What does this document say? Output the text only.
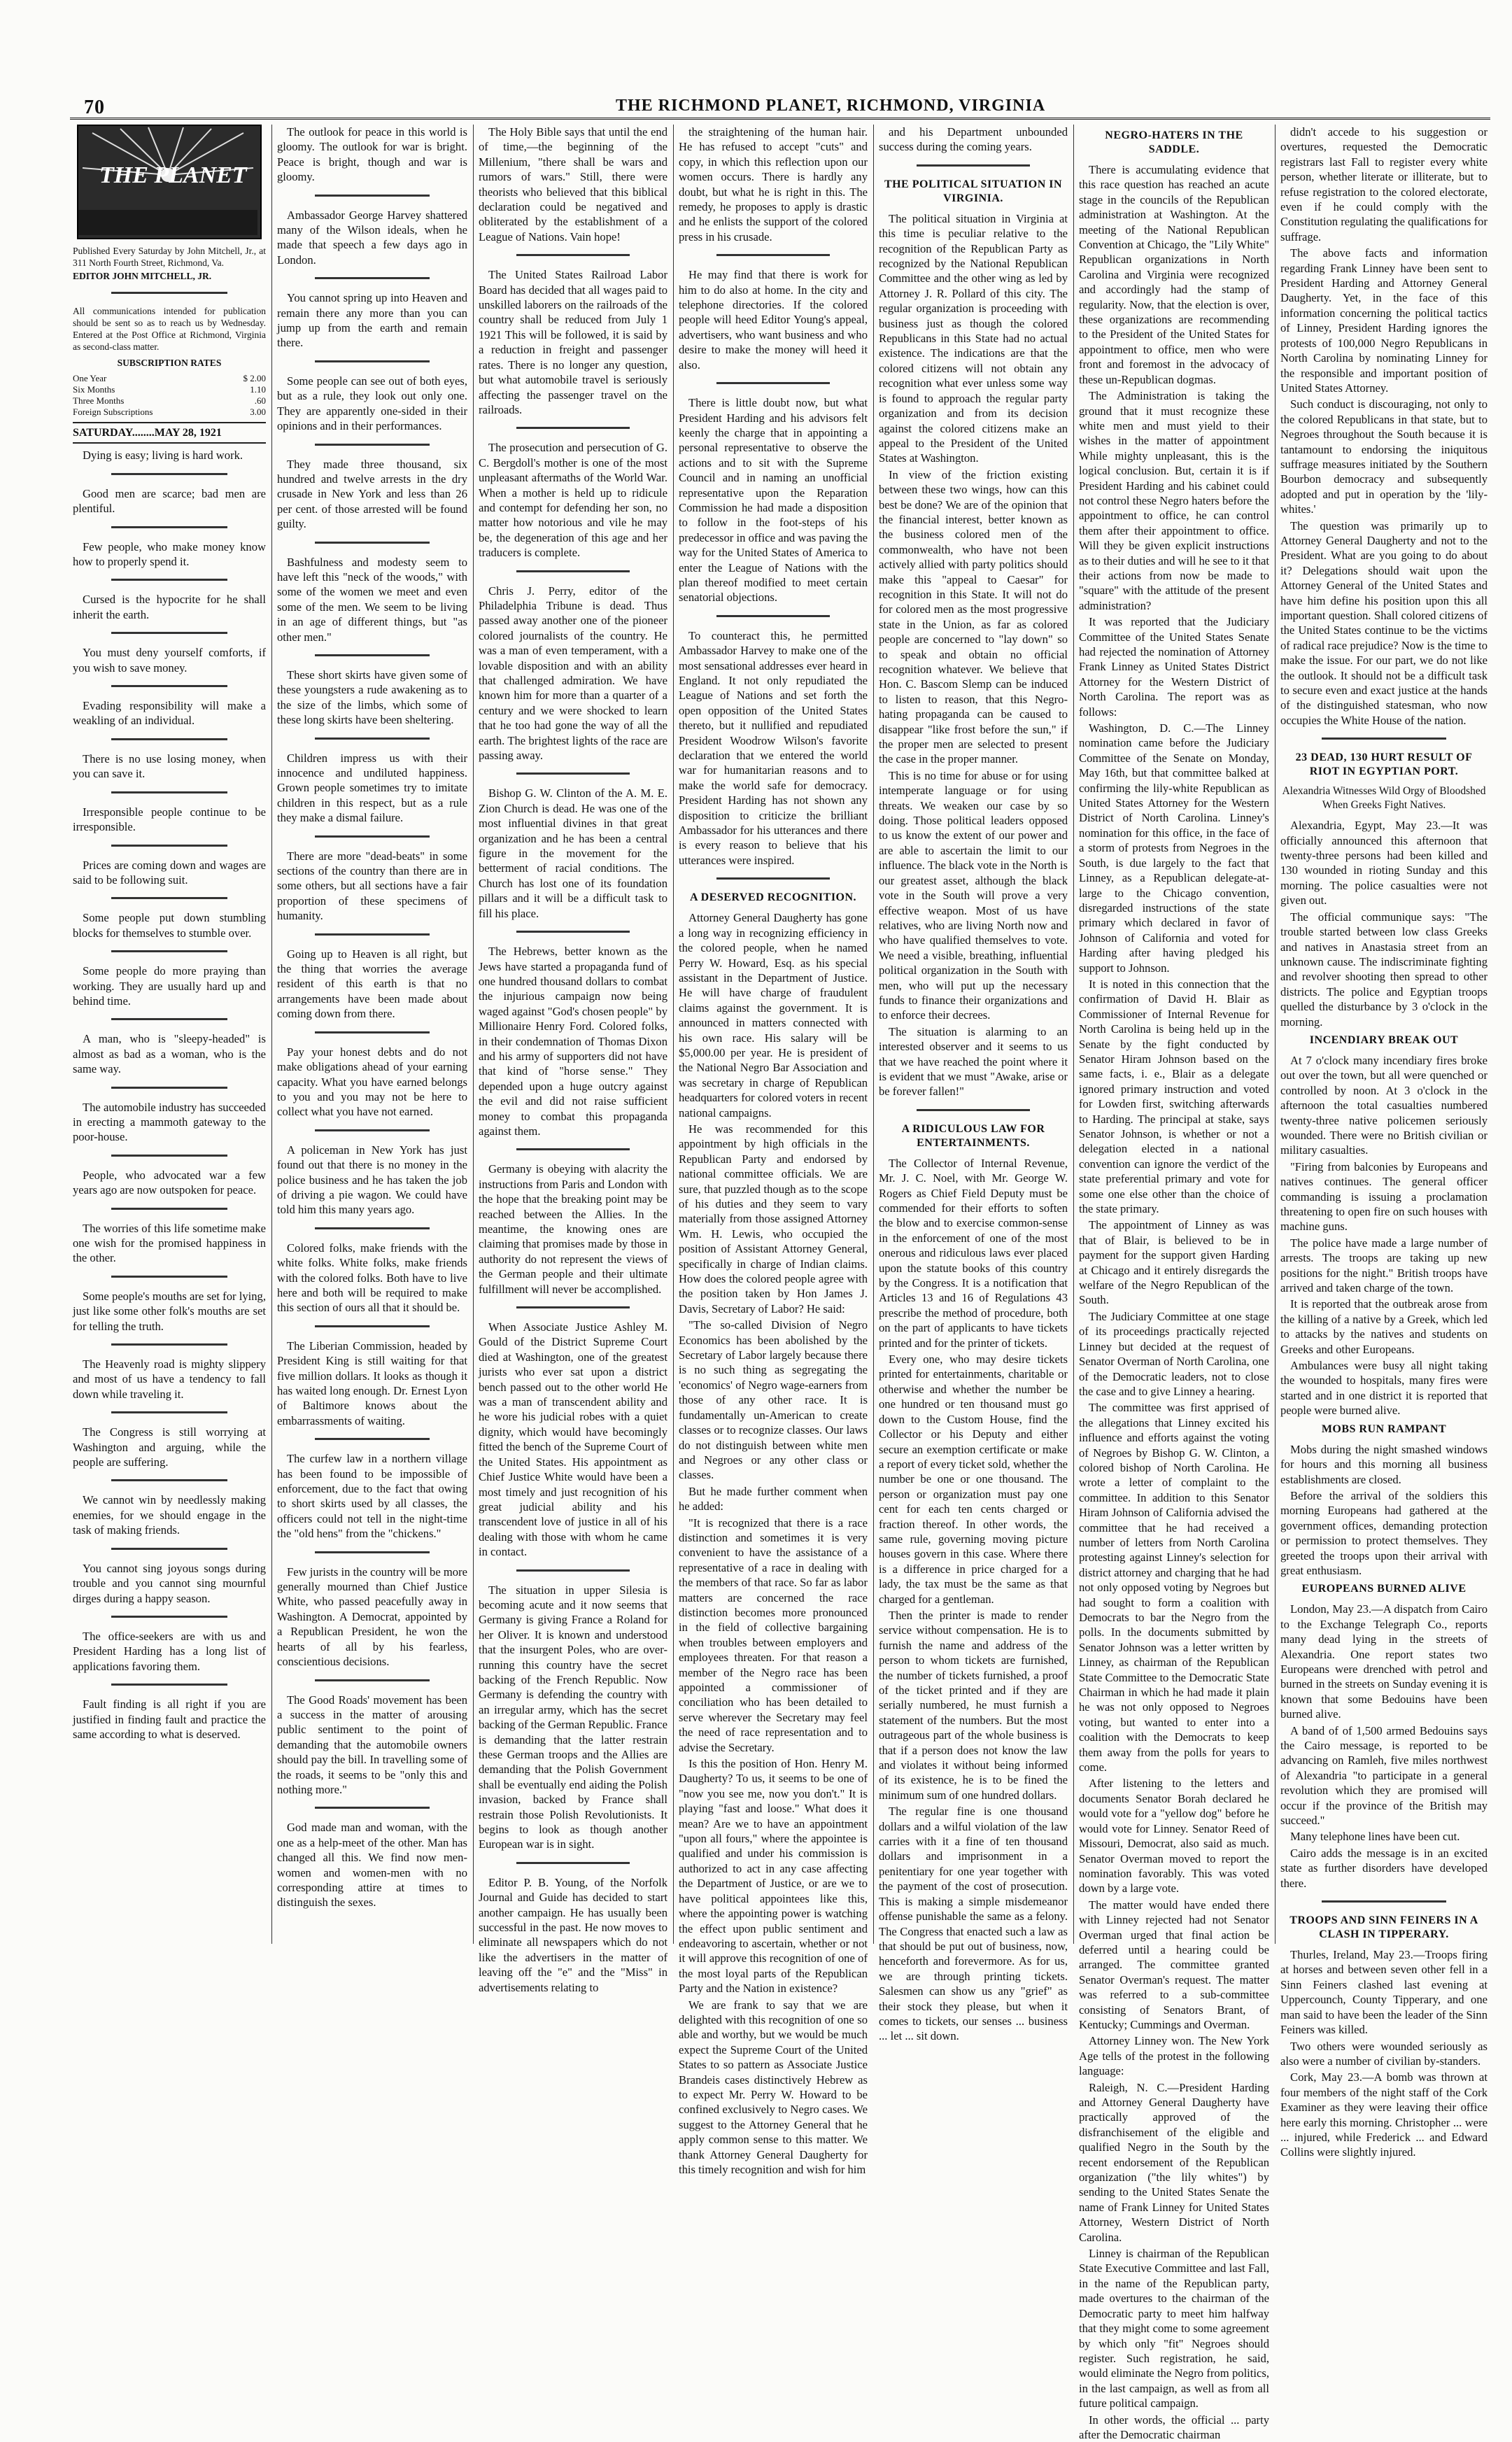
70	THE RICHMOND PLANET, RICHMOND, VIRGINIA
THE PLANET

Published Every Saturday by John Mitchell, Jr., at 311 North Fourth Street, Richmond, Va.

EDITOR JOHN MITCHELL, JR.

All communications intended for publication should be sent so as to reach us by Wednesday. Entered at the Post Office at Richmond, Virginia as second-class matter.

SUBSCRIPTION RATES
One Year	$ 2.00
Six Months	1.10
Three Months	.60
Foreign Subscriptions	3.00
SATURDAY........MAY 28, 1921

Dying is easy; living is hard work.

Good men are scarce; bad men are plentiful.

Few people, who make money know how to properly spend it.

Cursed is the hypocrite for he shall inherit the earth.

You must deny yourself comforts, if you wish to save money.

Evading responsibility will make a weakling of an individual.

There is no use losing money, when you can save it.

Irresponsible people continue to be irresponsible.

Prices are coming down and wages are said to be following suit.

Some people put down stumbling blocks for themselves to stumble over.

Some people do more praying than working. They are usually hard up and behind time.

A man, who is "sleepy-headed" is almost as bad as a woman, who is the same way.

The automobile industry has succeeded in erecting a mammoth gateway to the poor-house.

People, who advocated war a few years ago are now outspoken for peace.

The worries of this life sometime make one wish for the promised happiness in the other.

Some people's mouths are set for lying, just like some other folk's mouths are set for telling the truth.

The Heavenly road is mighty slippery and most of us have a tendency to fall down while traveling it.

The Congress is still worrying at Washington and arguing, while the people are suffering.

We cannot win by needlessly making enemies, for we should engage in the task of making friends.

You cannot sing joyous songs during trouble and you cannot sing mournful dirges during a happy season.

The office-seekers are with us and President Harding has a long list of applications favoring them.

Fault finding is all right if you are justified in finding fault and practice the same according to what is deserved.

The outlook for peace in this world is gloomy. The outlook for war is bright. Peace is bright, though and war is gloomy.

Ambassador George Harvey shattered many of the Wilson ideals, when he made that speech a few days ago in London.

You cannot spring up into Heaven and remain there any more than you can jump up from the earth and remain there.

Some people can see out of both eyes, but as a rule, they look out only one. They are apparently one-sided in their opinions and in their performances.

They made three thousand, six hundred and twelve arrests in the dry crusade in New York and less than 26 per cent. of those arrested will be found guilty.

Bashfulness and modesty seem to have left this "neck of the woods," with some of the women we meet and even some of the men. We seem to be living in an age of different things, but "as other men."

These short skirts have given some of these youngsters a rude awakening as to the size of the limbs, which some of these long skirts have been sheltering.

Children impress us with their innocence and undiluted happiness. Grown people sometimes try to imitate children in this respect, but as a rule they make a dismal failure.

There are more "dead-beats" in some sections of the country than there are in some others, but all sections have a fair proportion of these specimens of humanity.

Going up to Heaven is all right, but the thing that worries the average resident of this earth is that no arrangements have been made about coming down from there.

Pay your honest debts and do not make obligations ahead of your earning capacity. What you have earned belongs to you and you may not be here to collect what you have not earned.

A policeman in New York has just found out that there is no money in the police business and he has taken the job of driving a pie wagon. We could have told him this many years ago.

Colored folks, make friends with the white folks. White folks, make friends with the colored folks. Both have to live here and both will be required to make this section of ours all that it should be.

The Liberian Commission, headed by President King is still waiting for that five million dollars. It looks as though it has waited long enough. Dr. Ernest Lyon of Baltimore knows about the embarrassments of waiting.

The curfew law in a northern village has been found to be impossible of enforcement, due to the fact that owing to short skirts used by all classes, the officers could not tell in the night-time the "old hens" from the "chickens."

Few jurists in the country will be more generally mourned than Chief Justice White, who passed peacefully away in Washington. A Democrat, appointed by a Republican President, he won the hearts of all by his fearless, conscientious decisions.

The Good Roads' movement has been a success in the matter of arousing public sentiment to the point of demanding that the automobile owners should pay the bill. In travelling some of the roads, it seems to be "only this and nothing more."

God made man and woman, with the one as a help-meet of the other. Man has changed all this. We find now men-women and women-men with no corresponding attire at times to distinguish the sexes.

The Holy Bible says that until the end of time,—the beginning of the Millenium, "there shall be wars and rumors of wars." Still, there were theorists who believed that this biblical declaration could be negatived and obliterated by the establishment of a League of Nations. Vain hope!

The United States Railroad Labor Board has decided that all wages paid to unskilled laborers on the railroads of the country shall be reduced from July 1 1921 This will be followed, it is said by a reduction in freight and passenger rates. There is no longer any question, but what automobile travel is seriously affecting the passenger travel on the railroads.

The prosecution and persecution of G. C. Bergdoll's mother is one of the most unpleasant aftermaths of the World War. When a mother is held up to ridicule and contempt for defending her son, no matter how notorious and vile he may be, the degeneration of this age and her traducers is complete.

Chris J. Perry, editor of the Philadelphia Tribune is dead. Thus passed away another one of the pioneer colored journalists of the country. He was a man of even temperament, with a lovable disposition and with an ability that challenged admiration. We have known him for more than a quarter of a century and we were shocked to learn that he too had gone the way of all the earth. The brightest lights of the race are passing away.

Bishop G. W. Clinton of the A. M. E. Zion Church is dead. He was one of the most influential divines in that great organization and he has been a central figure in the movement for the betterment of racial conditions. The Church has lost one of its foundation pillars and it will be a difficult task to fill his place.

The Hebrews, better known as the Jews have started a propaganda fund of one hundred thousand dollars to combat the injurious campaign now being waged against "God's chosen people" by Millionaire Henry Ford. Colored folks, in their condemnation of Thomas Dixon and his army of supporters did not have that kind of "horse sense." They depended upon a huge outcry against the evil and did not raise sufficient money to combat this propaganda against them.

Germany is obeying with alacrity the instructions from Paris and London with the hope that the breaking point may be reached between the Allies. In the meantime, the knowing ones are claiming that promises made by those in authority do not represent the views of the German people and their ultimate fulfillment will never be accomplished.

When Associate Justice Ashley M. Gould of the District Supreme Court died at Washington, one of the greatest jurists who ever sat upon a district bench passed out to the other world He was a man of transcendent ability and he wore his judicial robes with a quiet dignity, which would have becomingly fitted the bench of the Supreme Court of the United States. His appointment as Chief Justice White would have been a most timely and just recognition of his great judicial ability and his transcendent love of justice in all of his dealing with those with whom he came in contact.

The situation in upper Silesia is becoming acute and it now seems that Germany is giving France a Roland for her Oliver. It is known and understood that the insurgent Poles, who are over-running this country have the secret backing of the French Republic. Now Germany is defending the country with an irregular army, which has the secret backing of the German Republic. France is demanding that the latter restrain these German troops and the Allies are demanding that the Polish Government shall be eventually end aiding the Polish invasion, backed by France shall restrain those Polish Revolutionists. It begins to look as though another European war is in sight.

Editor P. B. Young, of the Norfolk Journal and Guide has decided to start another campaign. He has usually been successful in the past. He now moves to eliminate all newspapers which do not like the advertisers in the matter of leaving off the "e" and the "Miss" in advertisements relating to

the straightening of the human hair. He has refused to accept "cuts" and copy, in which this reflection upon our women occurs. There is hardly any doubt, but what he is right in this. The remedy, he proposes to apply is drastic and he enlists the support of the colored press in his crusade.

He may find that there is work for him to do also at home. In the city and telephone directories. If the colored people will heed Editor Young's appeal, advertisers, who want business and who desire to make the money will heed it also.

There is little doubt now, but what President Harding and his advisors felt keenly the charge that in appointing a personal representative to observe the actions and to sit with the Supreme Council and in naming an unofficial representative upon the Reparation Commission he had made a disposition to follow in the foot-steps of his predecessor in office and was paving the way for the United States of America to enter the League of Nations with the plan thereof modified to meet certain senatorial objections.

To counteract this, he permitted Ambassador Harvey to make one of the most sensational addresses ever heard in England. It not only repudiated the League of Nations and set forth the open opposition of the United States thereto, but it nullified and repudiated President Woodrow Wilson's favorite declaration that we entered the world war for humanitarian reasons and to make the world safe for democracy. President Harding has not shown any disposition to criticize the brilliant Ambassador for his utterances and there is every reason to believe that his utterances were inspired.

A DESERVED RECOGNITION.

Attorney General Daugherty has gone a long way in recognizing efficiency in the colored people, when he named Perry W. Howard, Esq. as his special assistant in the Department of Justice. He will have charge of fraudulent claims against the government. It is announced in matters connected with his own race. His salary will be $5,000.00 per year. He is president of the National Negro Bar Association and was secretary in charge of Republican headquarters for colored voters in recent national campaigns.

He was recommended for this appointment by high officials in the Republican Party and endorsed by national committee officials. We are sure, that puzzled though as to the scope of his duties and they seem to vary materially from those assigned Attorney Wm. H. Lewis, who occupied the position of Assistant Attorney General, specifically in charge of Indian claims. How does the colored people agree with the position taken by Hon James J. Davis, Secretary of Labor? He said:

"The so-called Division of Negro Economics has been abolished by the Secretary of Labor largely because there is no such thing as segregating the 'economics' of Negro wage-earners from those of any other race. It is fundamentally un-American to create classes or to recognize classes. Our laws do not distinguish between white men and Negroes or any other class or classes.

But he made further comment when he added:

"It is recognized that there is a race distinction and sometimes it is very convenient to have the assistance of a representative of a race in dealing with the members of that race. So far as labor matters are concerned the race distinction becomes more pronounced in the field of collective bargaining when troubles between employers and employees threaten. For that reason a member of the Negro race has been appointed a commissioner of conciliation who has been detailed to serve wherever the Secretary may feel the need of race representation and to advise the Secretary.

Is this the position of Hon. Henry M. Daugherty? To us, it seems to be one of "now you see me, now you don't." It is playing "fast and loose." What does it mean? Are we to have an appointment "upon all fours," where the appointee is qualified and under his commission is authorized to act in any case affecting the Department of Justice, or are we to have political appointees like this, where the appointing power is watching the effect upon public sentiment and endeavoring to ascertain, whether or not it will approve this recognition of one of the most loyal parts of the Republican Party and the Nation in existence?

We are frank to say that we are delighted with this recognition of one so able and worthy, but we would be much expect the Supreme Court of the United States to so pattern as Associate Justice Brandeis cases distinctively Hebrew as to expect Mr. Perry W. Howard to be confined exclusively to Negro cases. We suggest to the Attorney General that he apply common sense to this matter. We thank Attorney General Daugherty for this timely recognition and wish for him

and his Department unbounded success during the coming years.

THE POLITICAL SITUATION IN VIRGINIA.

The political situation in Virginia at this time is peculiar relative to the recognition of the Republican Party as recognized by the National Republican Committee and the other wing as led by Attorney J. R. Pollard of this city. The regular organization is proceeding with business just as though the colored Republicans in this State had no actual existence. The indications are that the colored citizens will not obtain any recognition what ever unless some way is found to approach the regular party organization and from its decision against the colored citizens make an appeal to the President of the United States at Washington.

In view of the friction existing between these two wings, how can this best be done? We are of the opinion that the financial interest, better known as the business colored men of the commonwealth, who have not been actively allied with party politics should make this "appeal to Caesar" for recognition in this State. It will not do for colored men as the most progressive state in the Union, as far as colored people are concerned to "lay down" so to speak and obtain no official recognition whatever. We believe that Hon. C. Bascom Slemp can be induced to listen to reason, that this Negro-hating propaganda can be caused to disappear "like frost before the sun," if the proper men are selected to present the case in the proper manner.

This is no time for abuse or for using intemperate language or for using threats. We weaken our case by so doing. Those political leaders opposed to us know the extent of our power and are able to ascertain the limit to our influence. The black vote in the North is our greatest asset, although the black vote in the South will prove a very effective weapon. Most of us have relatives, who are living North now and who have qualified themselves to vote. We need a visible, breathing, influential political organization in the South with men, who will put up the necessary funds to finance their organizations and to enforce their decrees.

The situation is alarming to an interested observer and it seems to us that we have reached the point where it is evident that we must "Awake, arise or be forever fallen!"

A RIDICULOUS LAW FOR ENTERTAINMENTS.

The Collector of Internal Revenue, Mr. J. C. Noel, with Mr. George W. Rogers as Chief Field Deputy must be commended for their efforts to soften the blow and to exercise common-sense in the enforcement of one of the most onerous and ridiculous laws ever placed upon the statute books of this country by the Congress. It is a notification that Articles 13 and 16 of Regulations 43 prescribe the method of procedure, both on the part of applicants to have tickets printed and for the printer of tickets.

Every one, who may desire tickets printed for entertainments, charitable or otherwise and whether the number be one hundred or ten thousand must go down to the Custom House, find the Collector or his Deputy and either secure an exemption certificate or make a report of every ticket sold, whether the number be one or one thousand. The person or organization must pay one cent for each ten cents charged or fraction thereof. In other words, the same rule, governing moving picture houses govern in this case. Where there is a difference in price charged for a lady, the tax must be the same as that charged for a gentleman.

Then the printer is made to render service without compensation. He is to furnish the name and address of the person to whom tickets are furnished, the number of tickets furnished, a proof of the ticket printed and if they are serially numbered, he must furnish a statement of the numbers. But the most outrageous part of the whole business is that if a person does not know the law and violates it without being informed of its existence, he is to be fined the minimum sum of one hundred dollars.

The regular fine is one thousand dollars and a wilful violation of the law carries with it a fine of ten thousand dollars and imprisonment in a penitentiary for one year together with the payment of the cost of prosecution. This is making a simple misdemeanor offense punishable the same as a felony. The Congress that enacted such a law as that should be put out of business, now, henceforth and forevermore. As for us, we are through printing tickets. Salesmen can show us any "grief" as their stock they please, but when it comes to tickets, our senses ... business ... let ... sit down.

NEGRO-HATERS IN THE SADDLE.

There is accumulating evidence that this race question has reached an acute stage in the councils of the Republican administration at Washington. At the meeting of the National Republican Convention at Chicago, the "Lily White" Republican organizations in North Carolina and Virginia were recognized and accordingly had the stamp of regularity. Now, that the election is over, these organizations are recommending to the President of the United States for appointment to office, men who were front and foremost in the advocacy of these un-Republican dogmas.

The Administration is taking the ground that it must recognize these white men and must yield to their wishes in the matter of appointment While mighty unpleasant, this is the logical conclusion. But, certain it is if President Harding and his cabinet could not control these Negro haters before the appointment to office, he can control them after their appointment to office. Will they be given explicit instructions as to their duties and will he see to it that their actions from now be made to "square" with the attitude of the present administration?

It was reported that the Judiciary Committee of the United States Senate had rejected the nomination of Attorney Frank Linney as United States District Attorney for the Western District of North Carolina. The report was as follows:

Washington, D. C.—The Linney nomination came before the Judiciary Committee of the Senate on Monday, May 16th, but that committee balked at confirming the lily-white Republican as United States Attorney for the Western District of North Carolina. Linney's nomination for this office, in the face of a storm of protests from Negroes in the South, is due largely to the fact that Linney, as a Republican delegate-at-large to the Chicago convention, disregarded instructions of the state primary which declared in favor of Johnson of California and voted for Harding after having pledged his support to Johnson.

It is noted in this connection that the confirmation of David H. Blair as Commissioner of Internal Revenue for North Carolina is being held up in the Senate by the fight conducted by Senator Hiram Johnson based on the same facts, i. e., Blair as a delegate ignored primary instruction and voted for Lowden first, switching afterwards to Harding. The principal at stake, says Senator Johnson, is whether or not a delegation elected in a national convention can ignore the verdict of the state preferential primary and vote for some one else other than the choice of the state primary.

The appointment of Linney as was that of Blair, is believed to be in payment for the support given Harding at Chicago and it entirely disregards the welfare of the Negro Republican of the South.

The Judiciary Committee at one stage of its proceedings practically rejected Linney but decided at the request of Senator Overman of North Carolina, one of the Democratic leaders, not to close the case and to give Linney a hearing.

The committee was first apprised of the allegations that Linney excited his influence and efforts against the voting of Negroes by Bishop G. W. Clinton, a colored bishop of North Carolina. He wrote a letter of complaint to the committee. In addition to this Senator Hiram Johnson of California advised the committee that he had received a number of letters from North Carolina protesting against Linney's selection for district attorney and charging that he had not only opposed voting by Negroes but had sought to form a coalition with Democrats to bar the Negro from the polls. In the documents submitted by Senator Johnson was a letter written by Linney, as chairman of the Republican State Committee to the Democratic State Chairman in which he had made it plain he was not only opposed to Negroes voting, but wanted to enter into a coalition with the Democrats to keep them away from the polls for years to come.

After listening to the letters and documents Senator Borah declared he would vote for a "yellow dog" before he would vote for Linney. Senator Reed of Missouri, Democrat, also said as much. Senator Overman moved to report the nomination favorably. This was voted down by a large vote.

The matter would have ended there with Linney rejected had not Senator Overman urged that final action be deferred until a hearing could be arranged. The committee granted Senator Overman's request. The matter was referred to a sub-committee consisting of Senators Brant, of Kentucky; Cummings and Overman.

Attorney Linney won. The New York Age tells of the protest in the following language:

Raleigh, N. C.—President Harding and Attorney General Daugherty have practically approved of the disfranchisement of the eligible and qualified Negro in the South by the recent endorsement of the Republican organization ("the lily whites") by sending to the United States Senate the name of Frank Linney for United States Attorney, Western District of North Carolina.

Linney is chairman of the Republican State Executive Committee and last Fall, in the name of the Republican party, made overtures to the chairman of the Democratic party to meet him halfway that they might come to some agreement by which only "fit" Negroes should register. Such registration, he said, would eliminate the Negro from politics, in the last campaign, as well as from all future political campaign.

In other words, the official ... party after the Democratic chairman

didn't accede to his suggestion or overtures, requested the Democratic registrars last Fall to register every white person, whether literate or illiterate, but to refuse registration to the colored electorate, even if he could comply with the Constitution regulating the qualifications for suffrage.

The above facts and information regarding Frank Linney have been sent to President Harding and Attorney General Daugherty. Yet, in the face of this information concerning the political tactics of Linney, President Harding ignores the protests of 100,000 Negro Republicans in North Carolina by nominating Linney for the responsible and important position of United States Attorney.

Such conduct is discouraging, not only to the colored Republicans in that state, but to Negroes throughout the South because it is tantamount to endorsing the iniquitous suffrage measures initiated by the Southern Bourbon democracy and subsequently adopted and put in operation by the 'lily-whites.'

The question was primarily up to Attorney General Daugherty and not to the President. What are you going to do about it? Delegations should wait upon the Attorney General of the United States and have him define his position upon this all important question. Shall colored citizens of the United States continue to be the victims of radical race prejudice? Now is the time to make the issue. For our part, we do not like the outlook. It should not be a difficult task to secure even and exact justice at the hands of the distinguished statesman, who now occupies the White House of the nation.

23 DEAD, 130 HURT RESULT OF RIOT IN EGYPTIAN PORT.
Alexandria Witnesses Wild Orgy of Bloodshed When Greeks Fight Natives.

Alexandria, Egypt, May 23.—It was officially announced this afternoon that twenty-three persons had been killed and 130 wounded in rioting Sunday and this morning. The police casualties were not given out.

The official communique says: "The trouble started between low class Greeks and natives in Anastasia street from an unknown cause. The indiscriminate fighting and revolver shooting then spread to other districts. The police and Egyptian troops quelled the disturbance by 3 o'clock in the morning.

INCENDIARY BREAK OUT

At 7 o'clock many incendiary fires broke out over the town, but all were quenched or controlled by noon. At 3 o'clock in the afternoon the total casualties numbered twenty-three native policemen seriously wounded. There were no British civilian or military casualties.

"Firing from balconies by Europeans and natives continues. The general officer commanding is issuing a proclamation threatening to open fire on such houses with machine guns.

The police have made a large number of arrests. The troops are taking up new positions for the night." British troops have arrived and taken charge of the town.

It is reported that the outbreak arose from the killing of a native by a Greek, which led to attacks by the natives and students on Greeks and other Europeans.

Ambulances were busy all night taking the wounded to hospitals, many fires were started and in one district it is reported that people were burned alive.

MOBS RUN RAMPANT

Mobs during the night smashed windows for hours and this morning all business establishments are closed.

Before the arrival of the soldiers this morning Europeans had gathered at the government offices, demanding protection or permission to protect themselves. They greeted the troops upon their arrival with great enthusiasm.

EUROPEANS BURNED ALIVE

London, May 23.—A dispatch from Cairo to the Exchange Telegraph Co., reports many dead lying in the streets of Alexandria. One report states two Europeans were drenched with petrol and burned in the streets on Sunday evening it is known that some Bedouins have been burned alive.

A band of of 1,500 armed Bedouins says the Cairo message, is reported to be advancing on Ramleh, five miles northwest of Alexandria "to participate in a general revolution which they are promised will occur if the province of the British may succeed."

Many telephone lines have been cut.

Cairo adds the message is in an excited state as further disorders have developed there.

TROOPS AND SINN FEINERS IN A CLASH IN TIPPERARY.

Thurles, Ireland, May 23.—Troops firing at horses and between seven other fell in a Sinn Feiners clashed last evening at Uppercounch, County Tipperary, and one man said to have been the leader of the Sinn Feiners was killed.

Two others were wounded seriously as also were a number of civilian by-standers.

Cork, May 23.—A bomb was thrown at four members of the night staff of the Cork Examiner as they were leaving their office here early this morning. Christopher ... were ... injured, while Frederick ... and Edward Collins were slightly injured.
